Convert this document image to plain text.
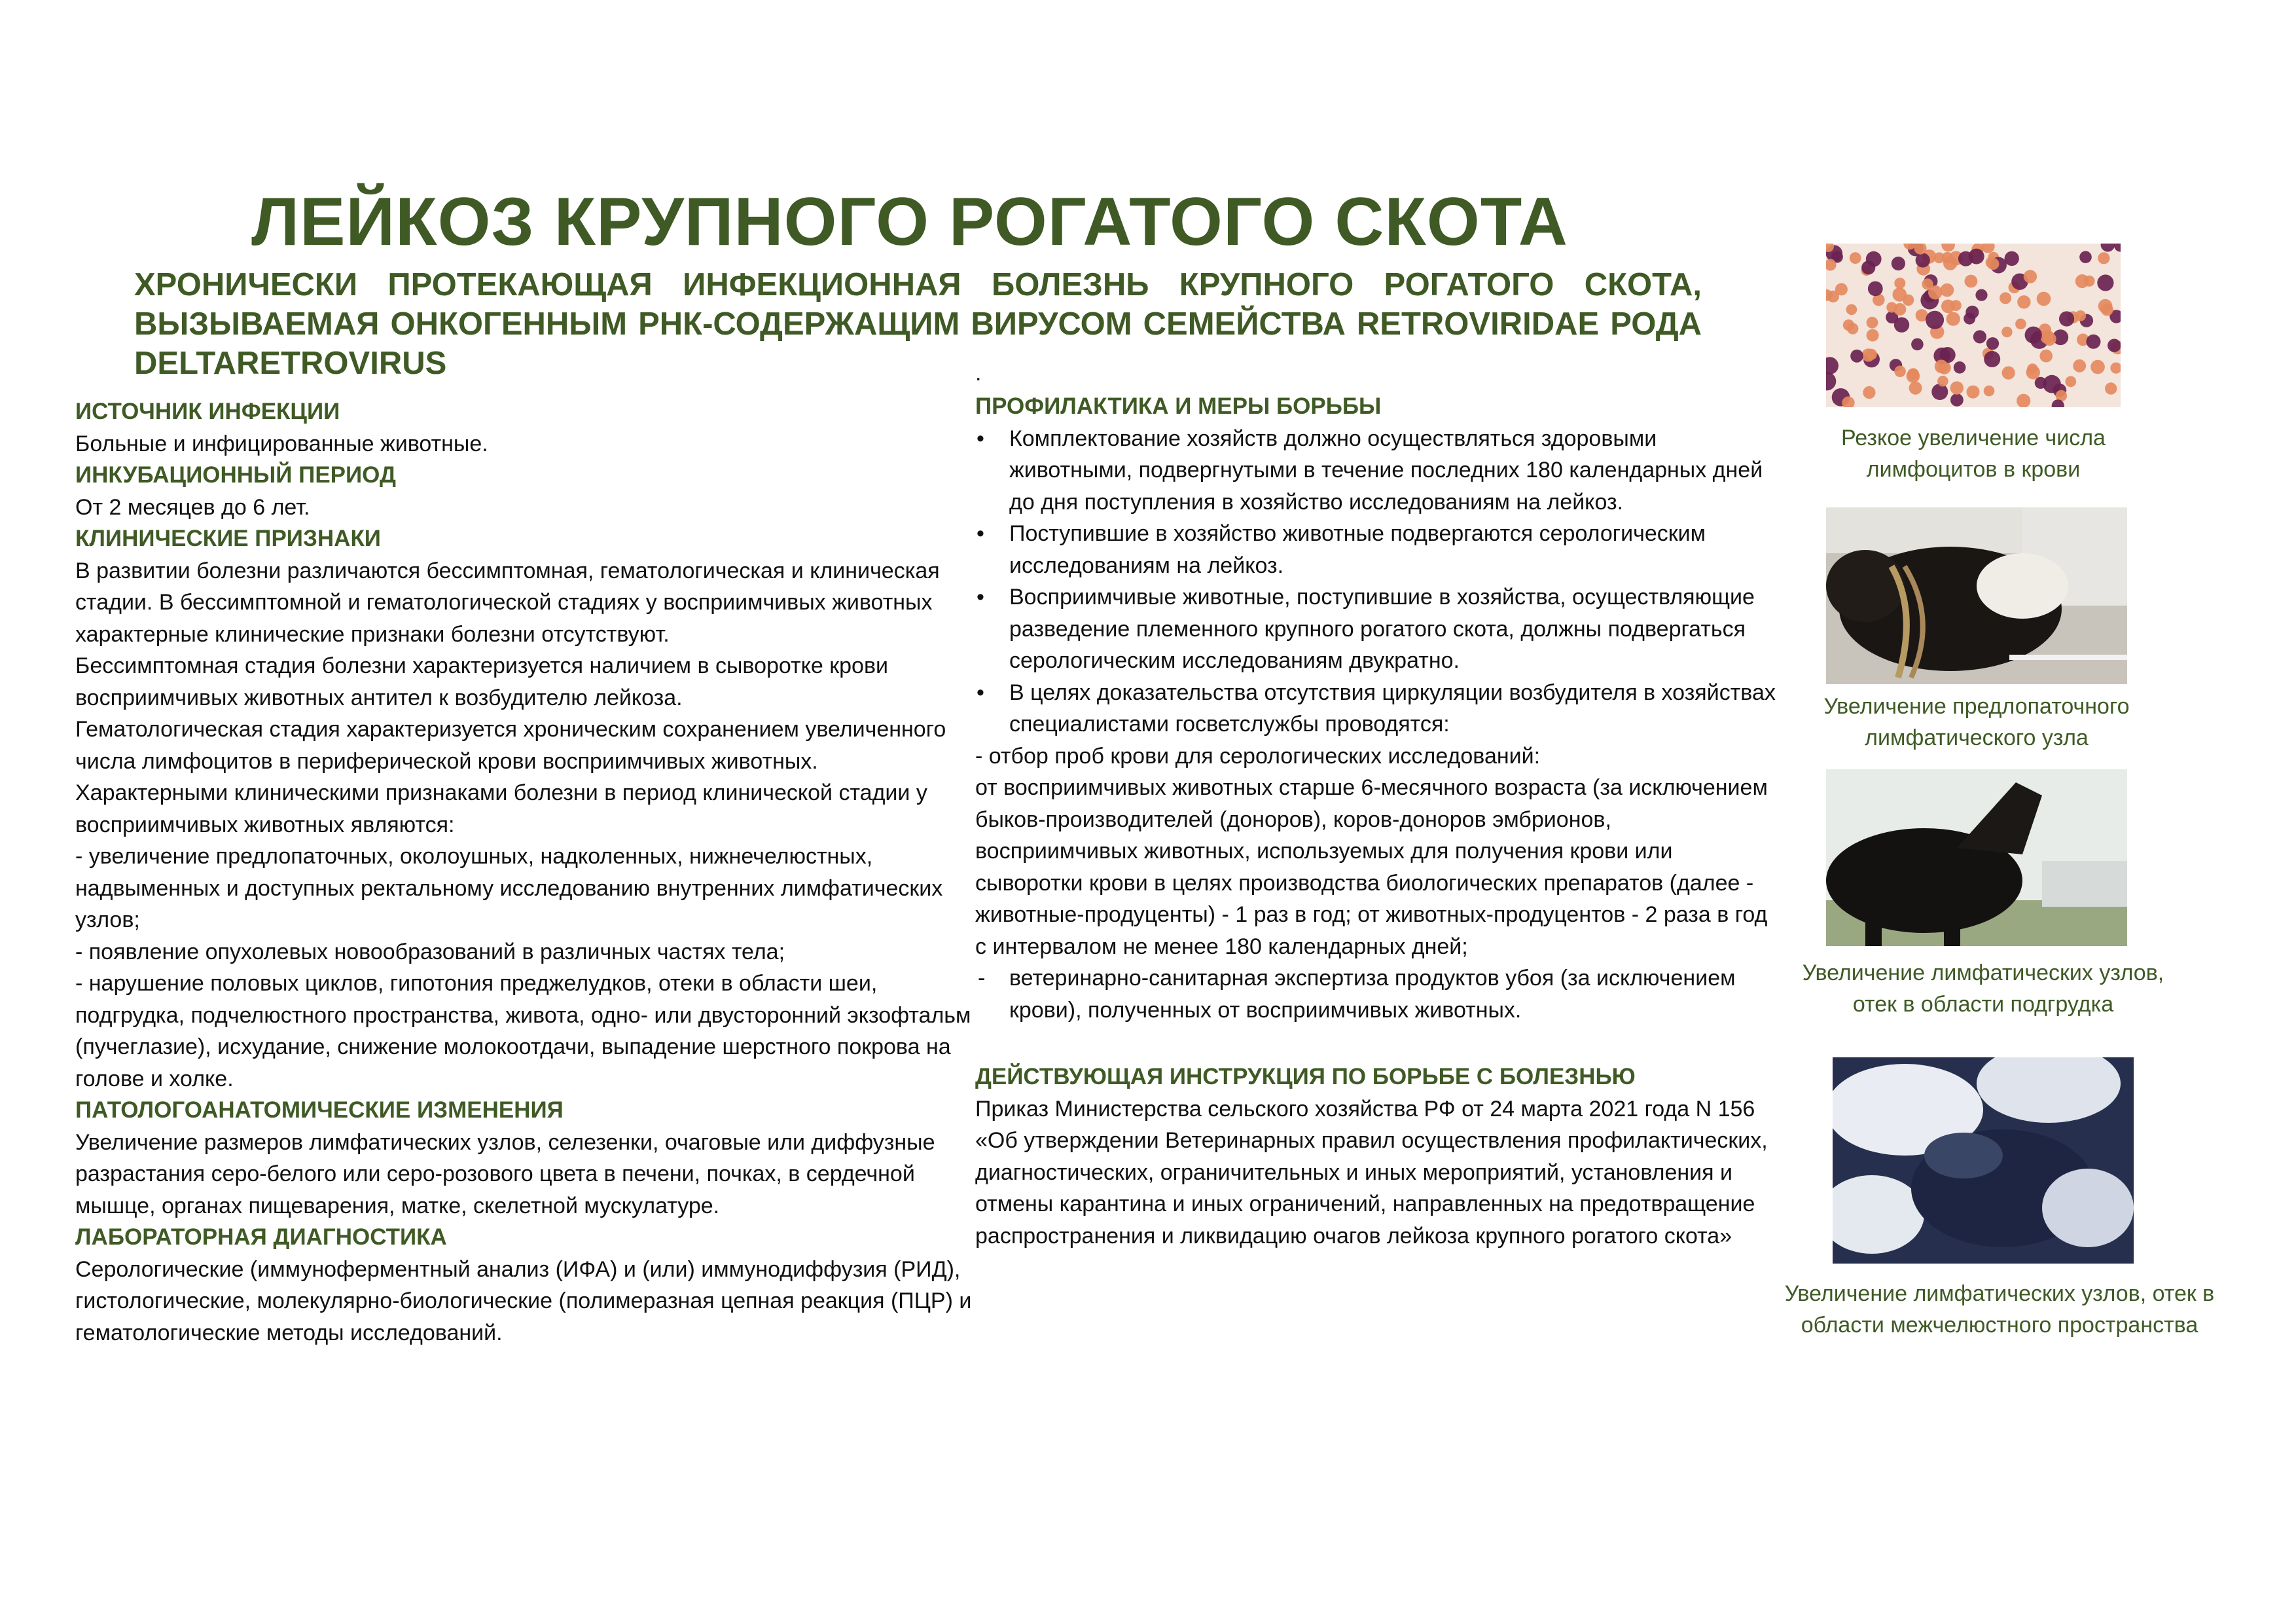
ЛЕЙКОЗ КРУПНОГО РОГАТОГО СКОТА

ХРОНИЧЕСКИ ПРОТЕКАЮЩАЯ ИНФЕКЦИОННАЯ БОЛЕЗНЬ КРУПНОГО РОГАТОГО СКОТА, ВЫЗЫВАЕМАЯ ОНКОГЕННЫМ РНК-СОДЕРЖАЩИМ ВИРУСОМ СЕМЕЙСТВА RETROVIRIDAE РОДА DELTARETROVIRUS

ИСТОЧНИК ИНФЕКЦИИ

Больные и инфицированные животные.

ИНКУБАЦИОННЫЙ ПЕРИОД

От 2 месяцев до 6 лет.

КЛИНИЧЕСКИЕ ПРИЗНАКИ

В развитии болезни различаются бессимптомная, гематологическая и клиническая стадии. В бессимптомной и гематологической стадиях у восприимчивых животных характерные клинические признаки болезни отсутствуют.

Бессимптомная стадия болезни характеризуется наличием в сыворотке крови восприимчивых животных антител к возбудителю лейкоза.

Гематологическая стадия характеризуется хроническим сохранением увеличенного числа лимфоцитов в периферической крови восприимчивых животных.

Характерными клиническими признаками болезни в период клинической стадии у восприимчивых животных являются:

- увеличение предлопаточных, околоушных, надколенных, нижнечелюстных, надвыменных и доступных ректальному исследованию внутренних лимфатических узлов;

- появление опухолевых новообразований в различных частях тела;

- нарушение половых циклов, гипотония преджелудков, отеки в области шеи, подгрудка, подчелюстного пространства, живота, одно- или двусторонний экзофтальм (пучеглазие), исхудание, снижение молокоотдачи, выпадение шерстного покрова на голове и холке.

ПАТОЛОГОАНАТОМИЧЕСКИЕ ИЗМЕНЕНИЯ

Увеличение размеров лимфатических узлов, селезенки, очаговые или диффузные разрастания серо-белого или серо-розового цвета в печени, почках, в сердечной мышце, органах пищеварения, матке, скелетной мускулатуре.

ЛАБОРАТОРНАЯ ДИАГНОСТИКА

Серологические (иммуноферментный анализ (ИФА) и (или) иммунодиффузия (РИД), гистологические, молекулярно-биологические (полимеразная цепная реакция (ПЦР) и гематологические методы исследований.

.

ПРОФИЛАКТИКА И МЕРЫ БОРЬБЫ

• Комплектование хозяйств должно осуществляться здоровыми животными, подвергнутыми в течение последних 180 календарных дней до дня поступления в хозяйство исследованиям на лейкоз.

• Поступившие в хозяйство животные подвергаются серологическим исследованиям на лейкоз.

• Восприимчивые животные, поступившие в хозяйства, осуществляющие разведение племенного крупного рогатого скота, должны подвергаться серологическим исследованиям двукратно.

• В целях доказательства отсутствия циркуляции возбудителя в хозяйствах специалистами госветслужбы проводятся:

- отбор проб крови для серологических исследований:

от восприимчивых животных старше 6-месячного возраста (за исключением быков-производителей (доноров), коров-доноров эмбрионов, восприимчивых животных, используемых для получения крови или сыворотки крови в целях производства биологических препаратов (далее - животные-продуценты) - 1 раз в год; от животных-продуцентов - 2 раза в год с интервалом не менее 180 календарных дней;

- ветеринарно-санитарная экспертиза продуктов убоя (за исключением крови), полученных от восприимчивых животных.

ДЕЙСТВУЮЩАЯ ИНСТРУКЦИЯ ПО БОРЬБЕ С БОЛЕЗНЬЮ

Приказ Министерства сельского хозяйства РФ от 24 марта 2021 года N 156 «Об утверждении Ветеринарных правил осуществления профилактических, диагностических, ограничительных и иных мероприятий, установления и отмены карантина и иных ограничений, направленных на предотвращение распространения и ликвидацию очагов лейкоза крупного рогатого скота»

Резкое увеличение числа лимфоцитов в крови
Увеличение предлопаточного лимфатического узла
Увеличение лимфатических узлов, отек в области подгрудка
Увеличение лимфатических узлов, отек в области межчелюстного пространства
